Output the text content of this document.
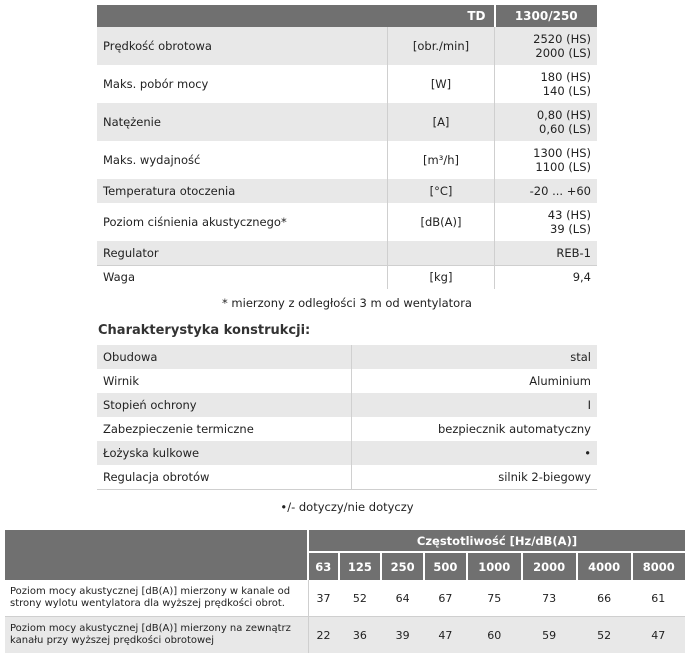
TD		1300/250
Prędkość obrotowa	[obr./min]	2520 (HS)
2000 (LS)
Maks. pobór mocy	[W]	180 (HS)
140 (LS)
Natężenie	[A]	0,80 (HS)
0,60 (LS)
Maks. wydajność	[m³/h]	1300 (HS)
1100 (LS)
Temperatura otoczenia	[°C]	-20 ... +60
Poziom ciśnienia akustycznego*	[dB(A)]	43 (HS)
39 (LS)
Regulator		REB-1
Waga	[kg]	9,4
* mierzony z odległości 3 m od wentylatora
Charakterystyka konstrukcji:
Obudowa	stal
Wirnik	Aluminium
Stopień ochrony	I
Zabezpieczenie termiczne	bezpiecznik automatyczny
Łożyska kulkowe	•
Regulacja obrotów	silnik 2-biegowy
•/- dotyczy/nie dotyczy
	Częstotliwość [Hz/dB(A)]							
	63	125	250	500	1000	2000	4000	8000
Poziom mocy akustycznej [dB(A)] mierzony w kanale od
strony wylotu wentylatora dla wyższej prędkości obrot.	37	52	64	67	75	73	66	61
Poziom mocy akustycznej [dB(A)] mierzony na zewnątrz
kanału przy wyższej prędkości obrotowej	22	36	39	47	60	59	52	47
